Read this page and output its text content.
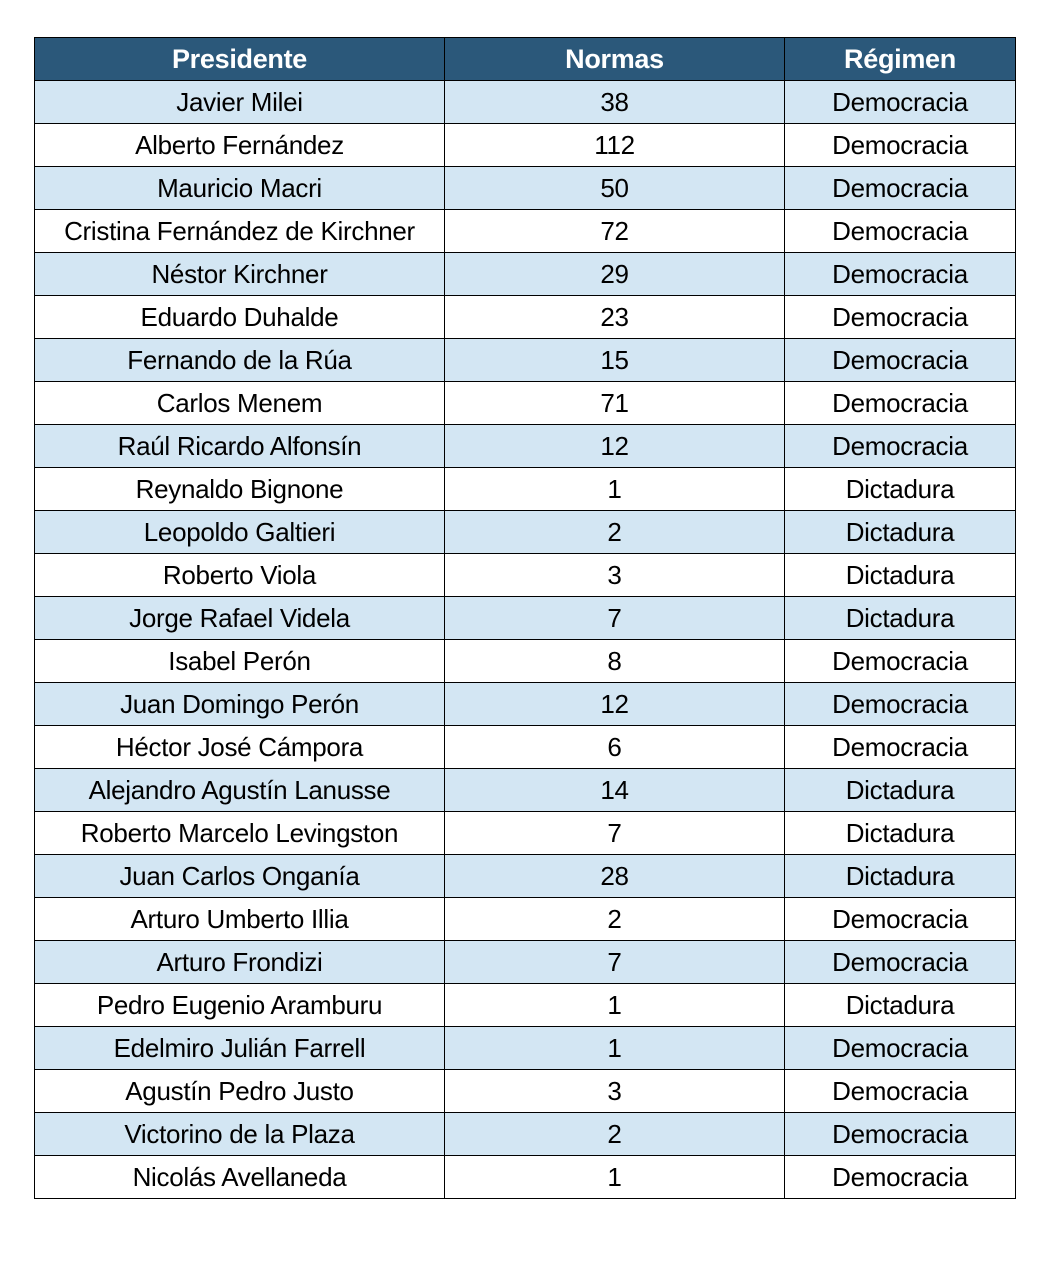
Presidente	Normas	Régimen
Javier Milei	38	Democracia
Alberto Fernández	112	Democracia
Mauricio Macri	50	Democracia
Cristina Fernández de Kirchner	72	Democracia
Néstor Kirchner	29	Democracia
Eduardo Duhalde	23	Democracia
Fernando de la Rúa	15	Democracia
Carlos Menem	71	Democracia
Raúl Ricardo Alfonsín	12	Democracia
Reynaldo Bignone	1	Dictadura
Leopoldo Galtieri	2	Dictadura
Roberto Viola	3	Dictadura
Jorge Rafael Videla	7	Dictadura
Isabel Perón	8	Democracia
Juan Domingo Perón	12	Democracia
Héctor José Cámpora	6	Democracia
Alejandro Agustín Lanusse	14	Dictadura
Roberto Marcelo Levingston	7	Dictadura
Juan Carlos Onganía	28	Dictadura
Arturo Umberto Illia	2	Democracia
Arturo Frondizi	7	Democracia
Pedro Eugenio Aramburu	1	Dictadura
Edelmiro Julián Farrell	1	Democracia
Agustín Pedro Justo	3	Democracia
Victorino de la Plaza	2	Democracia
Nicolás Avellaneda	1	Democracia
